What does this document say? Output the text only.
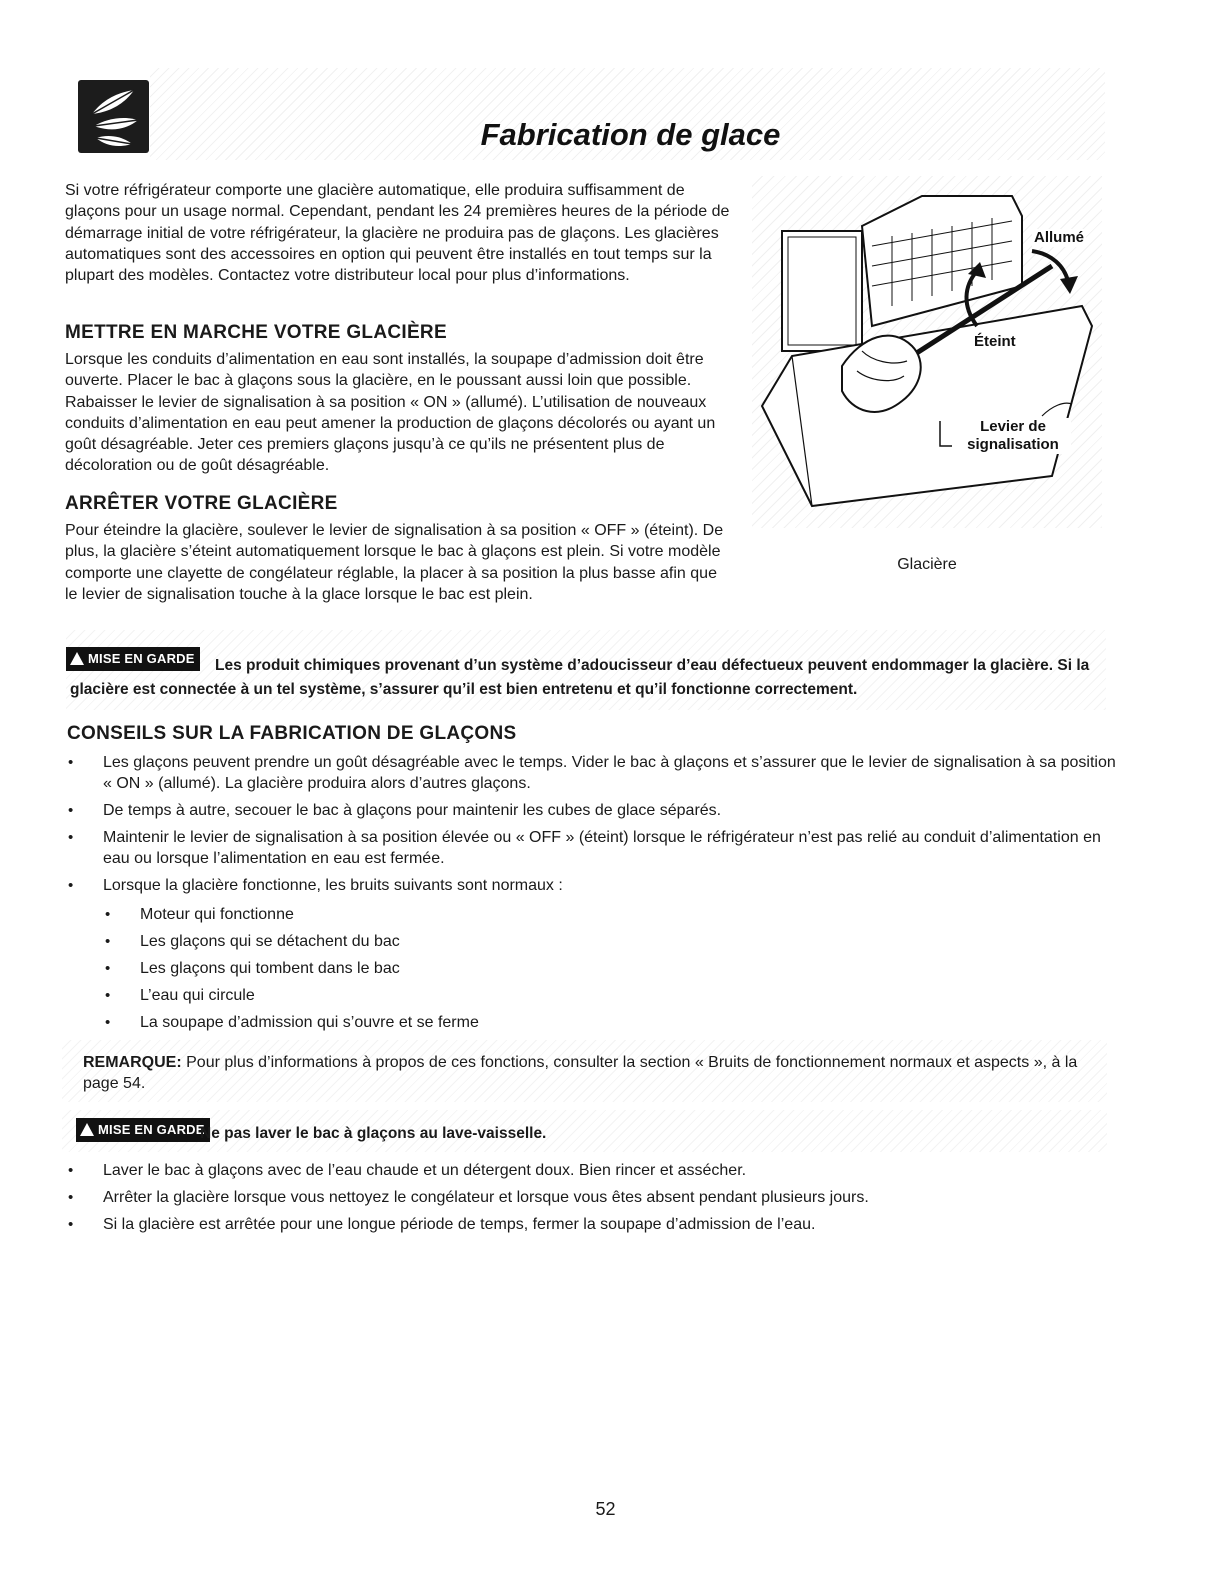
Fabrication de glace

Si votre réfrigérateur comporte une glacière automatique, elle produira suffisamment de glaçons pour un usage normal. Cependant, pendant les 24 premières heures de la période de démarrage initial de votre réfrigérateur, la glacière ne produira pas de glaçons. Les glacières automatiques sont des accessoires en option qui peuvent être installés en tout temps sur la plupart des modèles. Contactez votre distributeur local pour plus d’informations.

METTRE EN MARCHE VOTRE GLACIÈRE

Lorsque les conduits d’alimentation en eau sont installés, la soupape d’admission doit être ouverte. Placer le bac à glaçons sous la glacière, en le poussant aussi loin que possible. Rabaisser le levier de signalisation à sa position « ON » (allumé). L’utilisation de nouveaux conduits d’alimentation en eau peut amener la production de glaçons décolorés ou ayant un goût désagréable. Jeter ces premiers glaçons jusqu’à ce qu’ils ne présentent plus de décoloration ou de goût désagréable.

ARRÊTER VOTRE GLACIÈRE

Pour éteindre la glacière, soulever le levier de signalisation à sa position « OFF » (éteint). De plus, la glacière s’éteint automatiquement lorsque le bac à glaçons est plein. Si votre modèle comporte une clayette de congélateur réglable, la placer à sa position la plus basse afin que le levier de signalisation touche à la glace lorsque le bac est plein.

Allumé
Éteint
Levier de signalisation
Glacière
MISE EN GARDE	Les produit chimiques provenant d’un système d’adoucisseur d’eau défectueux peuvent endommager la glacière. Si la glacière est connectée à un tel système, s’assurer qu’il est bien entretenu et qu’il fonctionne correctement.

CONSEILS SUR LA FABRICATION DE GLAÇONS
• Les glaçons peuvent prendre un goût désagréable avec le temps. Vider le bac à glaçons et s’assurer que le levier de signalisation à sa position « ON » (allumé). La glacière produira alors d’autres glaçons.
• De temps à autre, secouer le bac à glaçons pour maintenir les cubes de glace séparés.
• Maintenir le levier de signalisation à sa position élevée ou « OFF » (éteint) lorsque le réfrigérateur n’est pas relié au conduit d’alimentation en eau ou lorsque l’alimentation en eau est fermée.
• Lorsque la glacière fonctionne, les bruits suivants sont normaux :
• Moteur qui fonctionne
• Les glaçons qui se détachent du bac
• Les glaçons qui tombent dans le bac
• L’eau qui circule
• La soupape d’admission qui s’ouvre et se ferme

REMARQUE: Pour plus d’informations à propos de ces fonctions, consulter la section « Bruits de fonctionnement normaux et aspects », à la page 54.

MISE EN GARDE

Ne pas laver le bac à glaçons au lave-vaisselle.

• Laver le bac à glaçons avec de l’eau chaude et un détergent doux. Bien rincer et assécher.
• Arrêter la glacière lorsque vous nettoyez le congélateur et lorsque vous êtes absent pendant plusieurs jours.
• Si la glacière est arrêtée pour une longue période de temps, fermer la soupape d’admission de l’eau.
52
